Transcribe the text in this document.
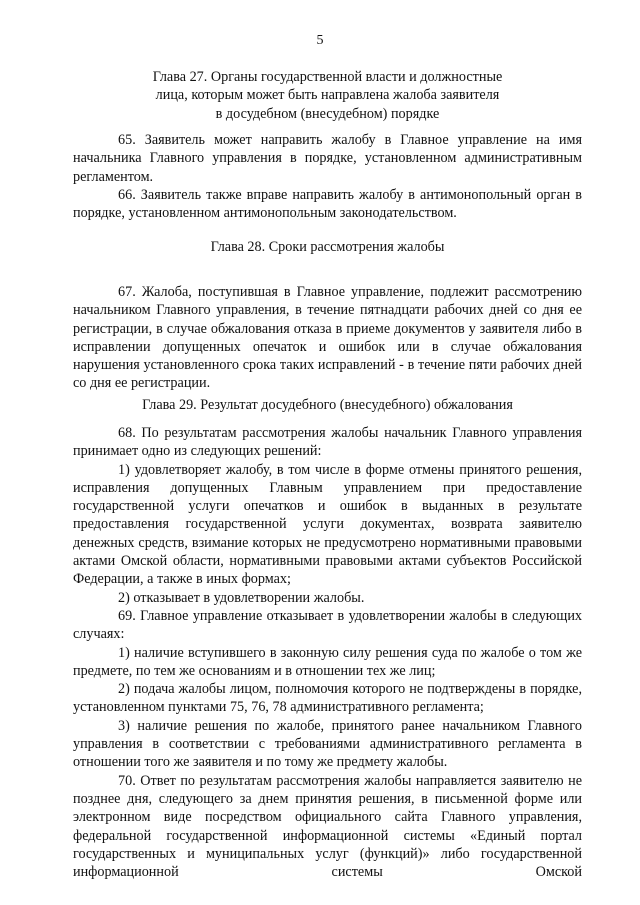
5
Глава 27. Органы государственной власти и должностные
лица, которым может быть направлена жалоба заявителя
в досудебном (внесудебном) порядке

65. Заявитель может направить жалобу в Главное управление на имя начальника Главного управления в порядке, установленном административным регламентом.

66. Заявитель также вправе направить жалобу в антимонопольный орган в порядке, установленном антимонопольным законодательством.

Глава 28. Сроки рассмотрения жалобы

67. Жалоба, поступившая в Главное управление, подлежит рассмотрению начальником Главного управления, в течение пятнадцати рабочих дней со дня ее регистрации, в случае обжалования отказа в приеме документов у заявителя либо в исправлении допущенных опечаток и ошибок или в случае обжалования нарушения установленного срока таких исправлений - в течение пяти рабочих дней со дня ее регистрации.

Глава 29. Результат досудебного (внесудебного) обжалования

68. По результатам рассмотрения жалобы начальник Главного управления принимает одно из следующих решений:

1) удовлетворяет жалобу, в том числе в форме отмены принятого решения, исправления допущенных Главным управлением при предоставление государственной услуги опечатков и ошибок в выданных в результате предоставления государственной услуги документах, возврата заявителю денежных средств, взимание которых не предусмотрено нормативными правовыми актами Омской области, нормативными правовыми актами субъектов Российской Федерации, а также в иных формах;

2) отказывает в удовлетворении жалобы.

69. Главное управление отказывает в удовлетворении жалобы в следующих случаях:

1) наличие вступившего в законную силу решения суда по жалобе о том же предмете, по тем же основаниям и в отношении тех же лиц;

2) подача жалобы лицом, полномочия которого не подтверждены в порядке, установленном пунктами 75, 76, 78 административного регламента;

3) наличие решения по жалобе, принятого ранее начальником Главного управления в соответствии с требованиями административного регламента в отношении того же заявителя и по тому же предмету жалобы.

70. Ответ по результатам рассмотрения жалобы направляется заявителю не позднее дня, следующего за днем принятия решения, в письменной форме или электронном виде посредством официального сайта Главного управления, федеральной государственной информационной системы «Единый портал государственных и муниципальных услуг (функций)» либо государственной информационной системы Омской
